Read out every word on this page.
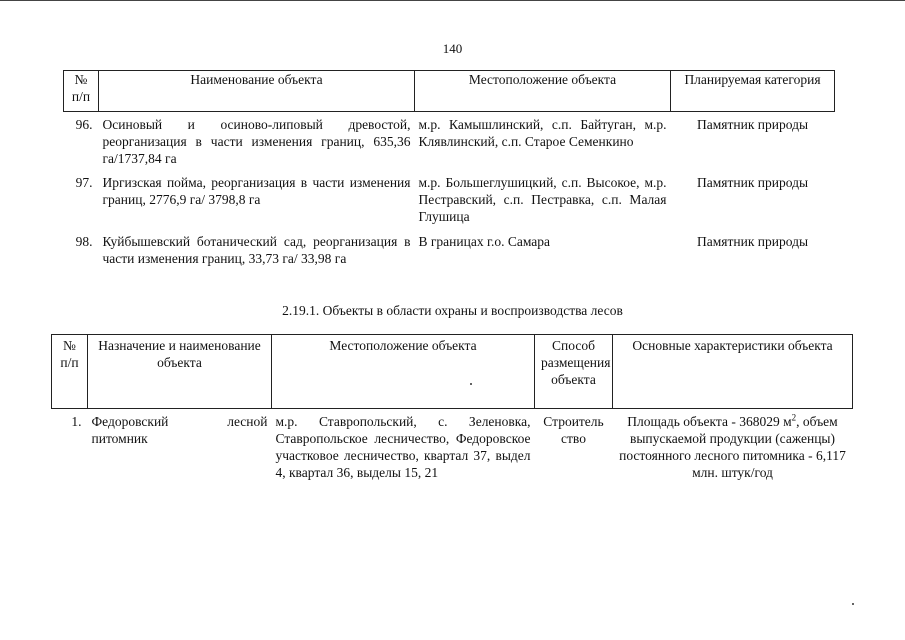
140
№ п/п	Наименование объекта	Местоположение объекта	Планируемая категория
96.	Осиновый и осиново-липовый древостой, реорганизация в части изменения границ, 635,36 га/1737,84 га	м.р. Камышлинский, с.п. Байтуган, м.р. Клявлинский, с.п. Старое Семенкино	Памятник природы
97.	Иргизская пойма, реорганизация в части изменения границ, 2776,9 га/ 3798,8 га	м.р. Большеглушицкий, с.п. Высокое, м.р. Пестравский, с.п. Пестравка, с.п. Малая Глушица	Памятник природы
98.	Куйбышевский ботанический сад, реорганизация в части изменения границ, 33,73 га/ 33,98 га	В границах г.о. Самара	Памятник природы
2.19.1. Объекты в области охраны и воспроизводства лесов
№ п/п	Назначение и наименование объекта	Местоположение объекта	Способ размещения объекта	Основные характеристики объекта
1.	Федоровский лесной питомник	м.р. Ставропольский, с. Зеленовка, Ставропольское лесничество, Федоровское участковое лесничество, квартал 37, выдел 4, квартал 36, выделы 15, 21	Строительство	Площадь объекта - 368029 $м^2$, объем выпускаемой продукции (саженцы) постоянного лесного питомника - 6,117 млн. штук/год
